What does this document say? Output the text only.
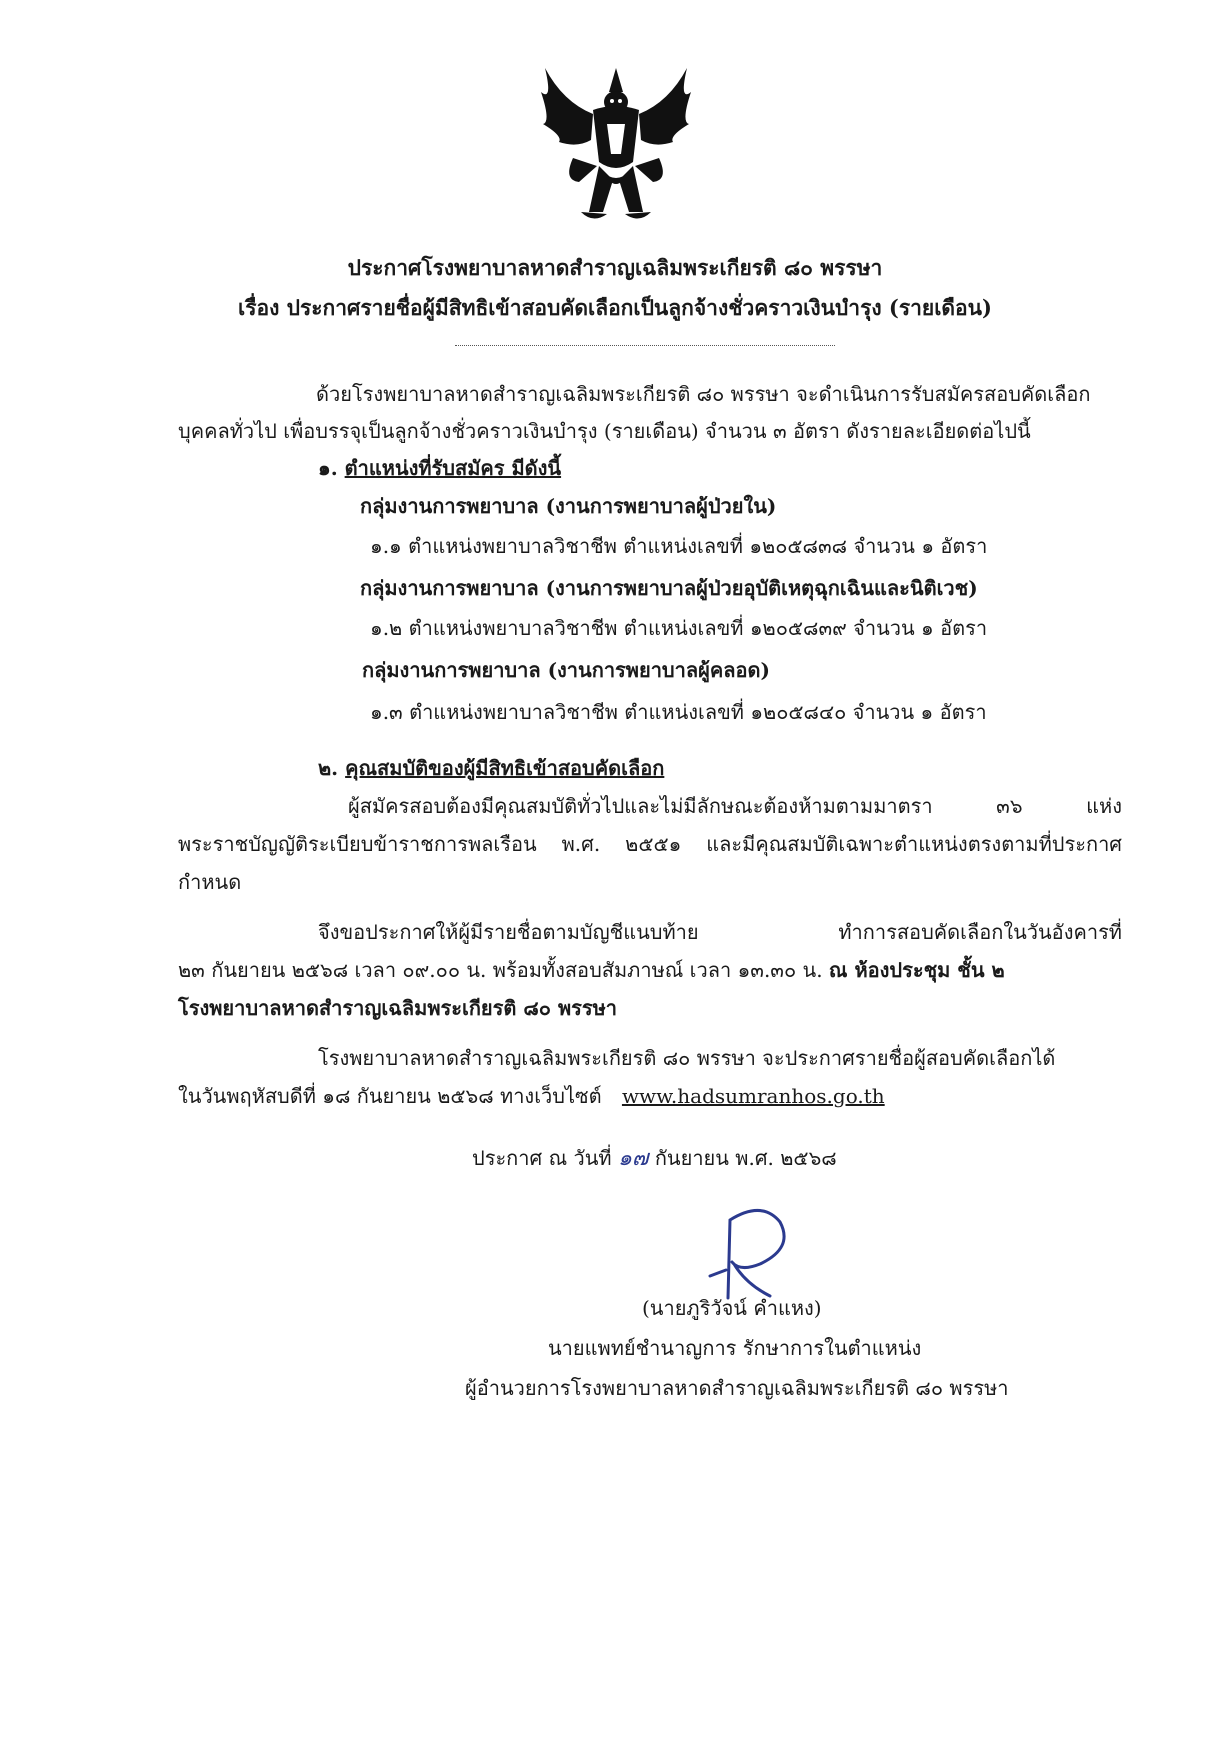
ประกาศโรงพยาบาลหาดสำราญเฉลิมพระเกียรติ ๘๐ พรรษา
เรื่อง ประกาศรายชื่อผู้มีสิทธิเข้าสอบคัดเลือกเป็นลูกจ้างชั่วคราวเงินบำรุง (รายเดือน)
ด้วยโรงพยาบาลหาดสำราญเฉลิมพระเกียรติ ๘๐ พรรษา จะดำเนินการรับสมัครสอบคัดเลือก
บุคคลทั่วไป เพื่อบรรจุเป็นลูกจ้างชั่วคราวเงินบำรุง (รายเดือน) จำนวน ๓ อัตรา ดังรายละเอียดต่อไปนี้
๑. ตำแหน่งที่รับสมัคร มีดังนี้
กลุ่มงานการพยาบาล (งานการพยาบาลผู้ป่วยใน)
๑.๑ ตำแหน่งพยาบาลวิชาชีพ ตำแหน่งเลขที่ ๑๒๐๕๘๓๘ จำนวน ๑ อัตรา
กลุ่มงานการพยาบาล (งานการพยาบาลผู้ป่วยอุบัติเหตุฉุกเฉินและนิติเวช)
๑.๒ ตำแหน่งพยาบาลวิชาชีพ ตำแหน่งเลขที่ ๑๒๐๕๘๓๙ จำนวน ๑ อัตรา
กลุ่มงานการพยาบาล (งานการพยาบาลผู้คลอด)
๑.๓ ตำแหน่งพยาบาลวิชาชีพ ตำแหน่งเลขที่ ๑๒๐๕๘๔๐ จำนวน ๑ อัตรา
๒. คุณสมบัติของผู้มีสิทธิเข้าสอบคัดเลือก
ผู้สมัครสอบต้องมีคุณสมบัติทั่วไปและไม่มีลักษณะต้องห้ามตามมาตรา ๓๖ แห่ง
พระราชบัญญัติระเบียบข้าราชการพลเรือน พ.ศ. ๒๕๕๑ และมีคุณสมบัติเฉพาะตำแหน่งตรงตามที่ประกาศ
กำหนด
จึงขอประกาศให้ผู้มีรายชื่อตามบัญชีแนบท้าย ทำการสอบคัดเลือกในวันอังคารที่
๒๓ กันยายน ๒๕๖๘ เวลา ๐๙.๐๐ น. พร้อมทั้งสอบสัมภาษณ์ เวลา ๑๓.๓๐ น. ณ ห้องประชุม ชั้น ๒
โรงพยาบาลหาดสำราญเฉลิมพระเกียรติ ๘๐ พรรษา
โรงพยาบาลหาดสำราญเฉลิมพระเกียรติ ๘๐ พรรษา จะประกาศรายชื่อผู้สอบคัดเลือกได้
ในวันพฤหัสบดีที่ ๑๘ กันยายน ๒๕๖๘ ทางเว็บไซต์ www.hadsumranhos.go.th
ประกาศ ณ วันที่ ๑๗ กันยายน พ.ศ. ๒๕๖๘
(นายภูริวัจน์ คำแหง)
นายแพทย์ชำนาญการ รักษาการในตำแหน่ง
ผู้อำนวยการโรงพยาบาลหาดสำราญเฉลิมพระเกียรติ ๘๐ พรรษา
